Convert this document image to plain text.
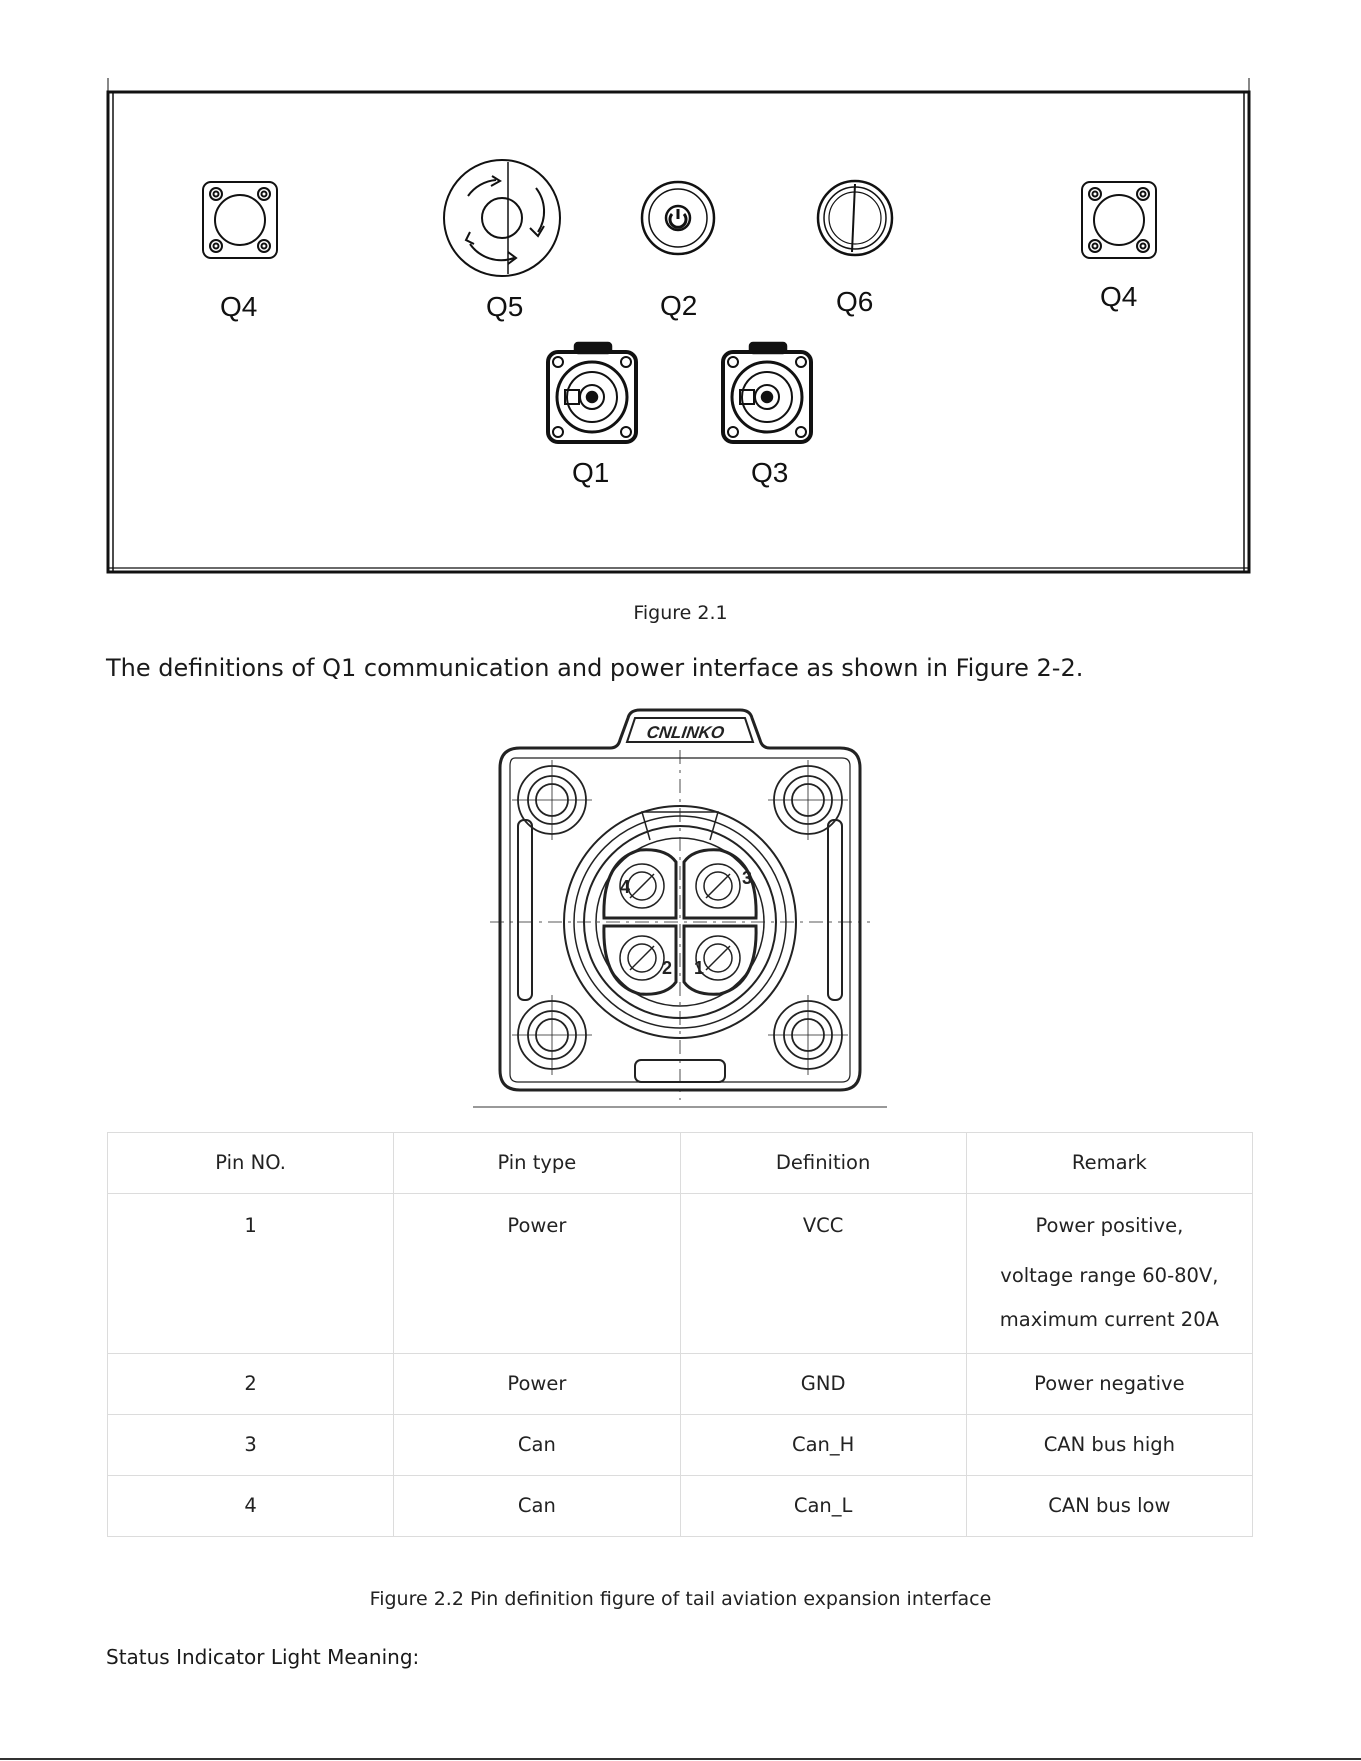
Q4	Q5	Q2	Q6	Q4
Q1	Q3
Figure 2.1
The definitions of Q1 communication and power interface as shown in Figure 2-2.
CNLINKO
4	3
2 1
Pin NO.	Pin type	Definition	Remark
1	Power	VCC	Power positive,
voltage range 60-80V,
maximum current 20A

2	Power	GND	Power negative
3	Can	Can_H	CAN bus high
4	Can	Can_L	CAN bus low
Figure 2.2 Pin definition figure of tail aviation expansion interface
Status Indicator Light Meaning:
